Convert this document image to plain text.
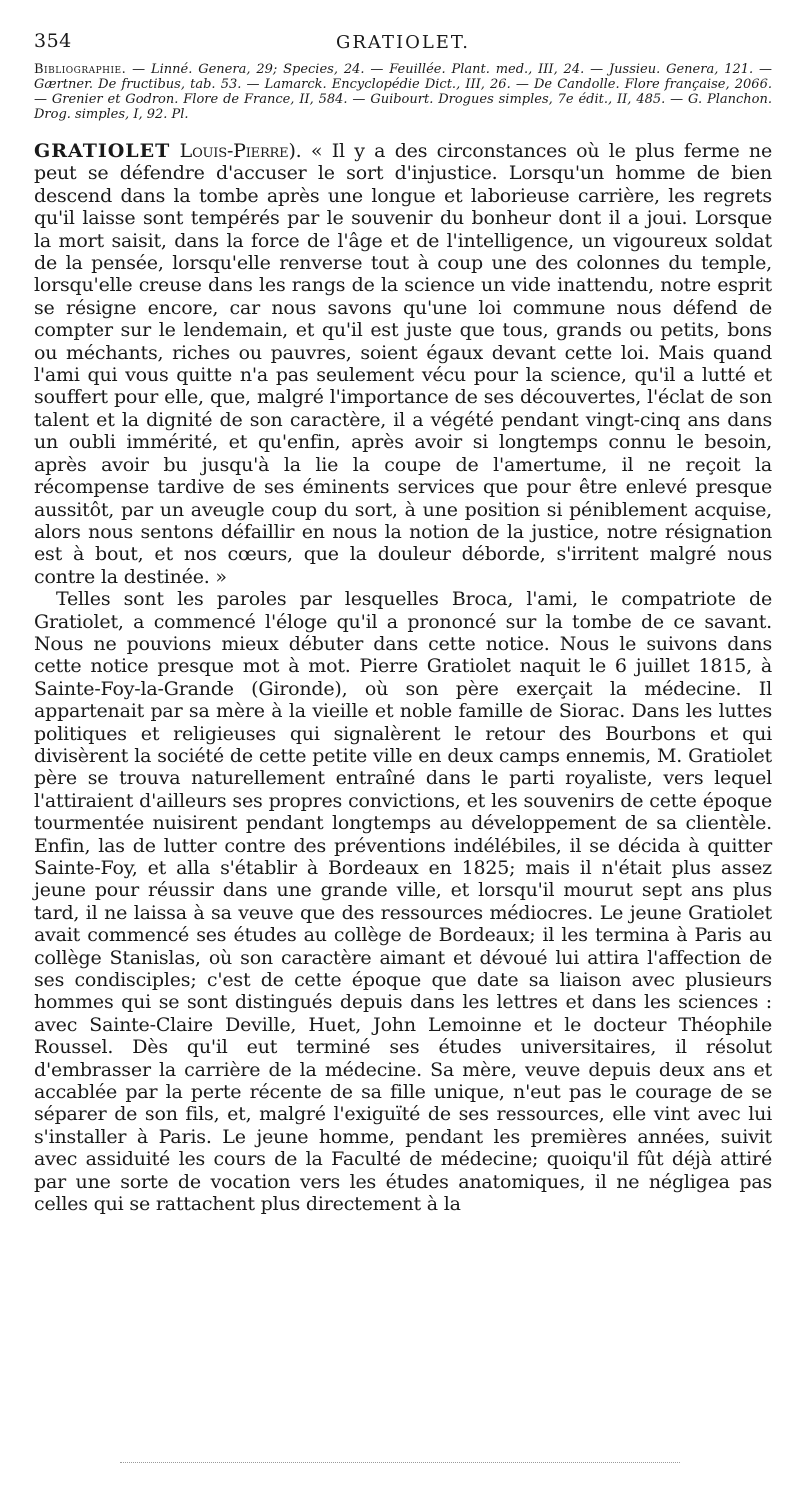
354	GRATIOLET.
Bibliographie. — Linné. Genera, 29; Species, 24. — Feuillée. Plant. med., III, 24. — Jussieu. Genera, 121. — Gærtner. De fructibus, tab. 53. — Lamarck. Encyclopédie Dict., III, 26. — De Candolle. Flore française, 2066. — Grenier et Godron. Flore de France, II, 584. — Guibourt. Drogues simples, 7e édit., II, 485. — G. Planchon. Drog. simples, I, 92. Pl.

GRATIOLET Louis-Pierre). « Il y a des circonstances où le plus ferme ne peut se défendre d'accuser le sort d'injustice. Lorsqu'un homme de bien descend dans la tombe après une longue et laborieuse carrière, les regrets qu'il laisse sont tempérés par le souvenir du bonheur dont il a joui. Lorsque la mort saisit, dans la force de l'âge et de l'intelligence, un vigoureux soldat de la pensée, lorsqu'elle renverse tout à coup une des colonnes du temple, lorsqu'elle creuse dans les rangs de la science un vide inattendu, notre esprit se résigne encore, car nous savons qu'une loi commune nous défend de compter sur le lendemain, et qu'il est juste que tous, grands ou petits, bons ou méchants, riches ou pauvres, soient égaux devant cette loi. Mais quand l'ami qui vous quitte n'a pas seulement vécu pour la science, qu'il a lutté et souffert pour elle, que, malgré l'importance de ses découvertes, l'éclat de son talent et la dignité de son caractère, il a végété pendant vingt-cinq ans dans un oubli immérité, et qu'enfin, après avoir si longtemps connu le besoin, après avoir bu jusqu'à la lie la coupe de l'amertume, il ne reçoit la récompense tardive de ses éminents services que pour être enlevé presque aussitôt, par un aveugle coup du sort, à une position si péniblement acquise, alors nous sentons défaillir en nous la notion de la justice, notre résignation est à bout, et nos cœurs, que la douleur déborde, s'irritent malgré nous contre la destinée. »

Telles sont les paroles par lesquelles Broca, l'ami, le compatriote de Gratiolet, a commencé l'éloge qu'il a prononcé sur la tombe de ce savant. Nous ne pouvions mieux débuter dans cette notice. Nous le suivons dans cette notice presque mot à mot. Pierre Gratiolet naquit le 6 juillet 1815, à Sainte-Foy-la-Grande (Gironde), où son père exerçait la médecine. Il appartenait par sa mère à la vieille et noble famille de Siorac. Dans les luttes politiques et religieuses qui signalèrent le retour des Bourbons et qui divisèrent la société de cette petite ville en deux camps ennemis, M. Gratiolet père se trouva naturellement entraîné dans le parti royaliste, vers lequel l'attiraient d'ailleurs ses propres convictions, et les souvenirs de cette époque tourmentée nuisirent pendant longtemps au développement de sa clientèle. Enfin, las de lutter contre des préventions indélébiles, il se décida à quitter Sainte-Foy, et alla s'établir à Bordeaux en 1825; mais il n'était plus assez jeune pour réussir dans une grande ville, et lorsqu'il mourut sept ans plus tard, il ne laissa à sa veuve que des ressources médiocres. Le jeune Gratiolet avait commencé ses études au collège de Bordeaux; il les termina à Paris au collège Stanislas, où son caractère aimant et dévoué lui attira l'affection de ses condisciples; c'est de cette époque que date sa liaison avec plusieurs hommes qui se sont distingués depuis dans les lettres et dans les sciences : avec Sainte-Claire Deville, Huet, John Lemoinne et le docteur Théophile Roussel. Dès qu'il eut terminé ses études universitaires, il résolut d'embrasser la carrière de la médecine. Sa mère, veuve depuis deux ans et accablée par la perte récente de sa fille unique, n'eut pas le courage de se séparer de son fils, et, malgré l'exiguïté de ses ressources, elle vint avec lui s'installer à Paris. Le jeune homme, pendant les premières années, suivit avec assiduité les cours de la Faculté de médecine; quoiqu'il fût déjà attiré par une sorte de vocation vers les études anatomiques, il ne négligea pas celles qui se rattachent plus directement à la
